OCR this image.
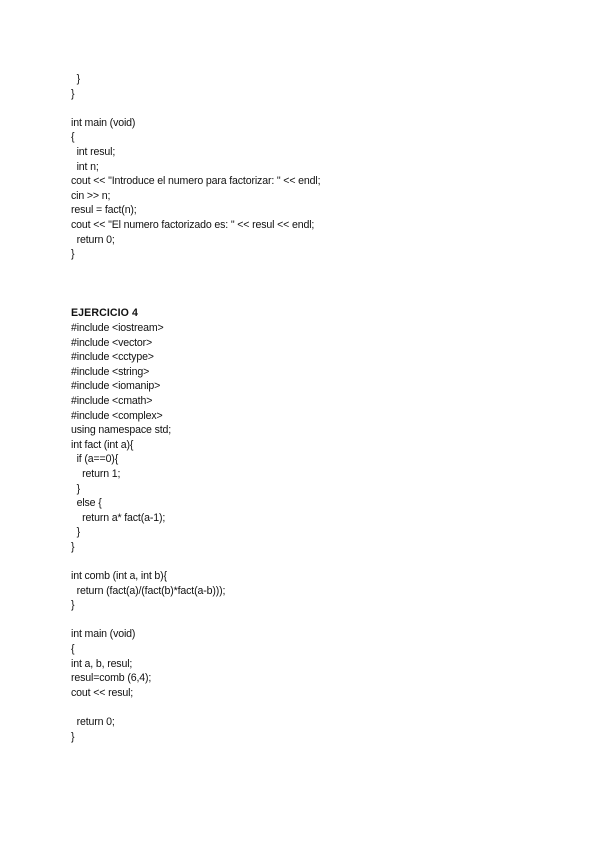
}
}
int main (void)
{
int resul;
int n;
cout << "Introduce el numero para factorizar: " << endl;
cin >> n;
resul = fact(n);
cout << "El numero factorizado es: " << resul << endl;
return 0;
}
EJERCICIO 4
#include <iostream>
#include <vector>
#include <cctype>
#include <string>
#include <iomanip>
#include <cmath>
#include <complex>
using namespace std;
int fact (int a){
if (a==0){
return 1;
}
else {
return a* fact(a-1);
}
}
int comb (int a, int b){
return (fact(a)/(fact(b)*fact(a-b)));
}
int main (void)
{
int a, b, resul;
resul=comb (6,4);
cout << resul;
return 0;
}
